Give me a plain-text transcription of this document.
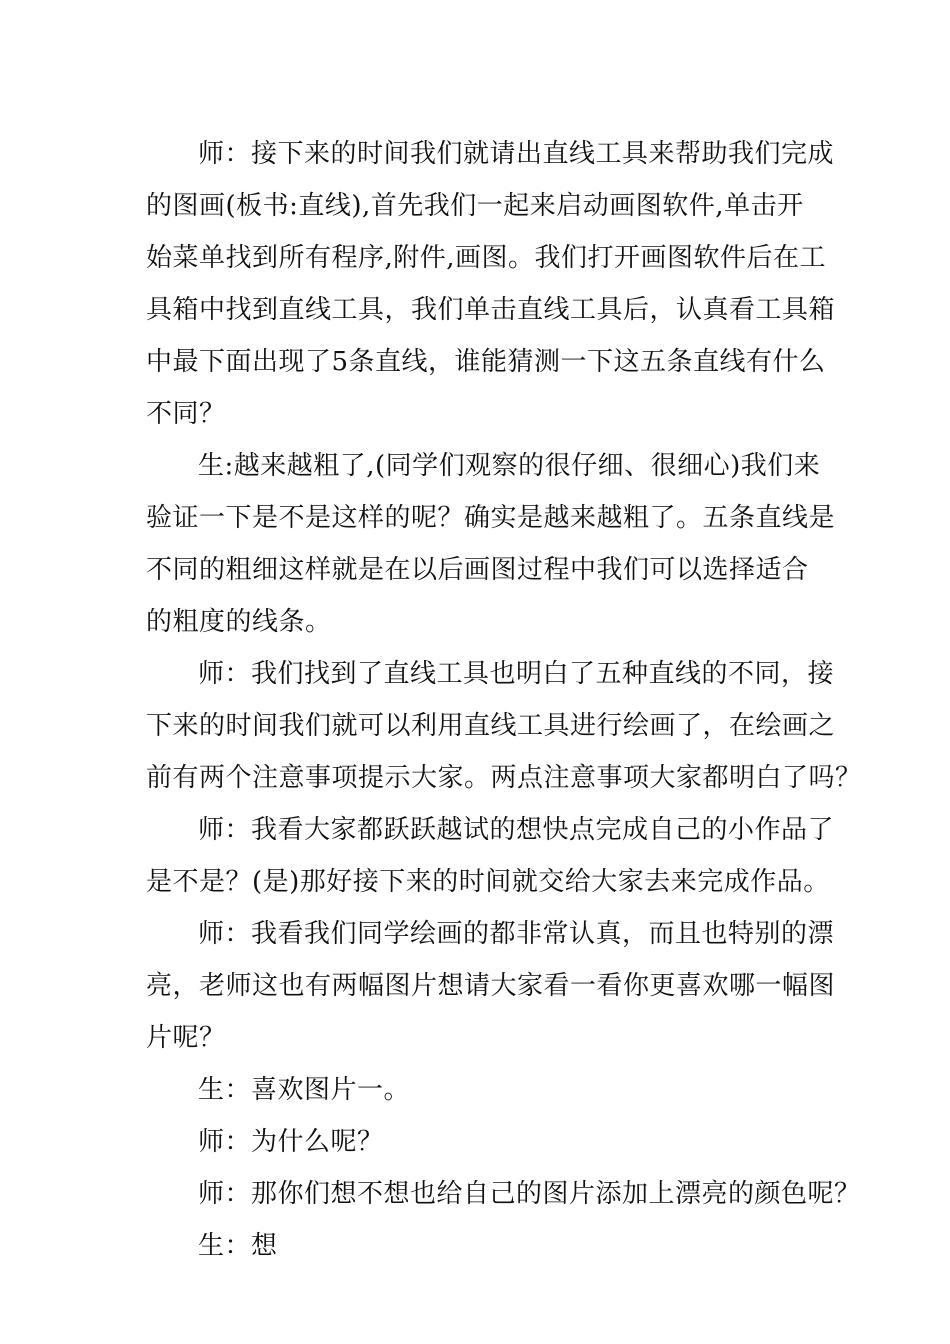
师：接下来的时间我们就请出直线工具来帮助我们完成
的图画(板书:直线),首先我们一起来启动画图软件,单击开
始菜单找到所有程序,附件,画图。我们打开画图软件后在工
具箱中找到直线工具，我们单击直线工具后，认真看工具箱
中最下面出现了5条直线，谁能猜测一下这五条直线有什么
不同？

生:越来越粗了,(同学们观察的很仔细、很细心)我们来
验证一下是不是这样的呢？确实是越来越粗了。五条直线是
不同的粗细这样就是在以后画图过程中我们可以选择适合
的粗度的线条。

师：我们找到了直线工具也明白了五种直线的不同，接
下来的时间我们就可以利用直线工具进行绘画了，在绘画之
前有两个注意事项提示大家。两点注意事项大家都明白了吗？

师：我看大家都跃跃越试的想快点完成自己的小作品了
是不是？(是)那好接下来的时间就交给大家去来完成作品。

师：我看我们同学绘画的都非常认真，而且也特别的漂
亮，老师这也有两幅图片想请大家看一看你更喜欢哪一幅图
片呢？

生：喜欢图片一。

师：为什么呢？

师：那你们想不想也给自己的图片添加上漂亮的颜色呢？

生：想
